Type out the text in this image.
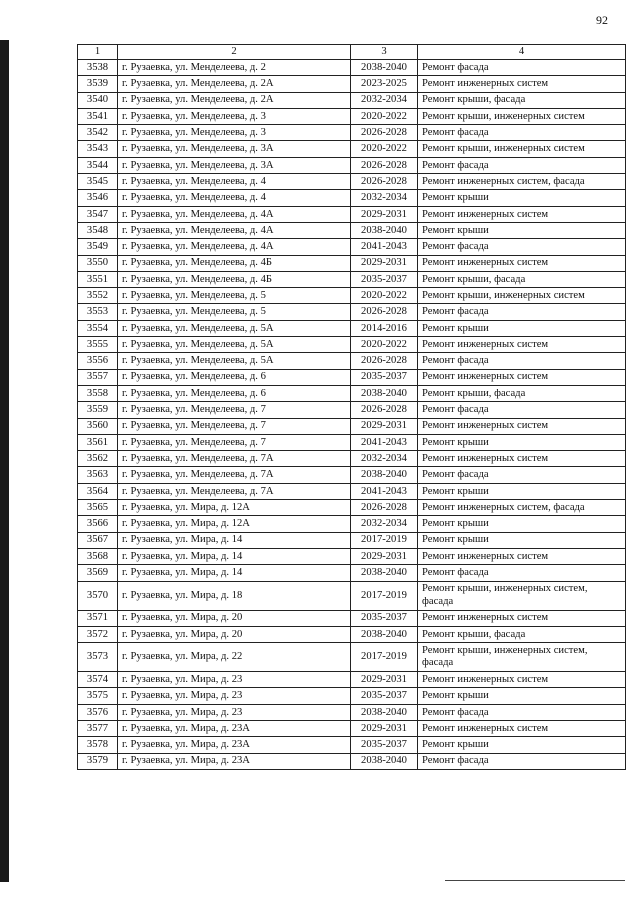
92
1	2	3	4
3538	г. Рузаевка, ул. Менделеева, д. 2	2038-2040	Ремонт фасада
3539	г. Рузаевка, ул. Менделеева, д. 2А	2023-2025	Ремонт инженерных систем
3540	г. Рузаевка, ул. Менделеева, д. 2А	2032-2034	Ремонт крыши, фасада
3541	г. Рузаевка, ул. Менделеева, д. 3	2020-2022	Ремонт крыши, инженерных систем
3542	г. Рузаевка, ул. Менделеева, д. 3	2026-2028	Ремонт фасада
3543	г. Рузаевка, ул. Менделеева, д. 3А	2020-2022	Ремонт крыши, инженерных систем
3544	г. Рузаевка, ул. Менделеева, д. 3А	2026-2028	Ремонт фасада
3545	г. Рузаевка, ул. Менделеева, д. 4	2026-2028	Ремонт инженерных систем, фасада
3546	г. Рузаевка, ул. Менделеева, д. 4	2032-2034	Ремонт крыши
3547	г. Рузаевка, ул. Менделеева, д. 4А	2029-2031	Ремонт инженерных систем
3548	г. Рузаевка, ул. Менделеева, д. 4А	2038-2040	Ремонт крыши
3549	г. Рузаевка, ул. Менделеева, д. 4А	2041-2043	Ремонт фасада
3550	г. Рузаевка, ул. Менделеева, д. 4Б	2029-2031	Ремонт инженерных систем
3551	г. Рузаевка, ул. Менделеева, д. 4Б	2035-2037	Ремонт крыши, фасада
3552	г. Рузаевка, ул. Менделеева, д. 5	2020-2022	Ремонт крыши, инженерных систем
3553	г. Рузаевка, ул. Менделеева, д. 5	2026-2028	Ремонт фасада
3554	г. Рузаевка, ул. Менделеева, д. 5А	2014-2016	Ремонт крыши
3555	г. Рузаевка, ул. Менделеева, д. 5А	2020-2022	Ремонт инженерных систем
3556	г. Рузаевка, ул. Менделеева, д. 5А	2026-2028	Ремонт фасада
3557	г. Рузаевка, ул. Менделеева, д. 6	2035-2037	Ремонт инженерных систем
3558	г. Рузаевка, ул. Менделеева, д. 6	2038-2040	Ремонт крыши, фасада
3559	г. Рузаевка, ул. Менделеева, д. 7	2026-2028	Ремонт фасада
3560	г. Рузаевка, ул. Менделеева, д. 7	2029-2031	Ремонт инженерных систем
3561	г. Рузаевка, ул. Менделеева, д. 7	2041-2043	Ремонт крыши
3562	г. Рузаевка, ул. Менделеева, д. 7А	2032-2034	Ремонт инженерных систем
3563	г. Рузаевка, ул. Менделеева, д. 7А	2038-2040	Ремонт фасада
3564	г. Рузаевка, ул. Менделеева, д. 7А	2041-2043	Ремонт крыши
3565	г. Рузаевка, ул. Мира, д. 12А	2026-2028	Ремонт инженерных систем, фасада
3566	г. Рузаевка, ул. Мира, д. 12А	2032-2034	Ремонт крыши
3567	г. Рузаевка, ул. Мира, д. 14	2017-2019	Ремонт крыши
3568	г. Рузаевка, ул. Мира, д. 14	2029-2031	Ремонт инженерных систем
3569	г. Рузаевка, ул. Мира, д. 14	2038-2040	Ремонт фасада
3570	г. Рузаевка, ул. Мира, д. 18	2017-2019	Ремонт крыши, инженерных систем, фасада
3571	г. Рузаевка, ул. Мира, д. 20	2035-2037	Ремонт инженерных систем
3572	г. Рузаевка, ул. Мира, д. 20	2038-2040	Ремонт крыши, фасада
3573	г. Рузаевка, ул. Мира, д. 22	2017-2019	Ремонт крыши, инженерных систем, фасада
3574	г. Рузаевка, ул. Мира, д. 23	2029-2031	Ремонт инженерных систем
3575	г. Рузаевка, ул. Мира, д. 23	2035-2037	Ремонт крыши
3576	г. Рузаевка, ул. Мира, д. 23	2038-2040	Ремонт фасада
3577	г. Рузаевка, ул. Мира, д. 23А	2029-2031	Ремонт инженерных систем
3578	г. Рузаевка, ул. Мира, д. 23А	2035-2037	Ремонт крыши
3579	г. Рузаевка, ул. Мира, д. 23А	2038-2040	Ремонт фасада
